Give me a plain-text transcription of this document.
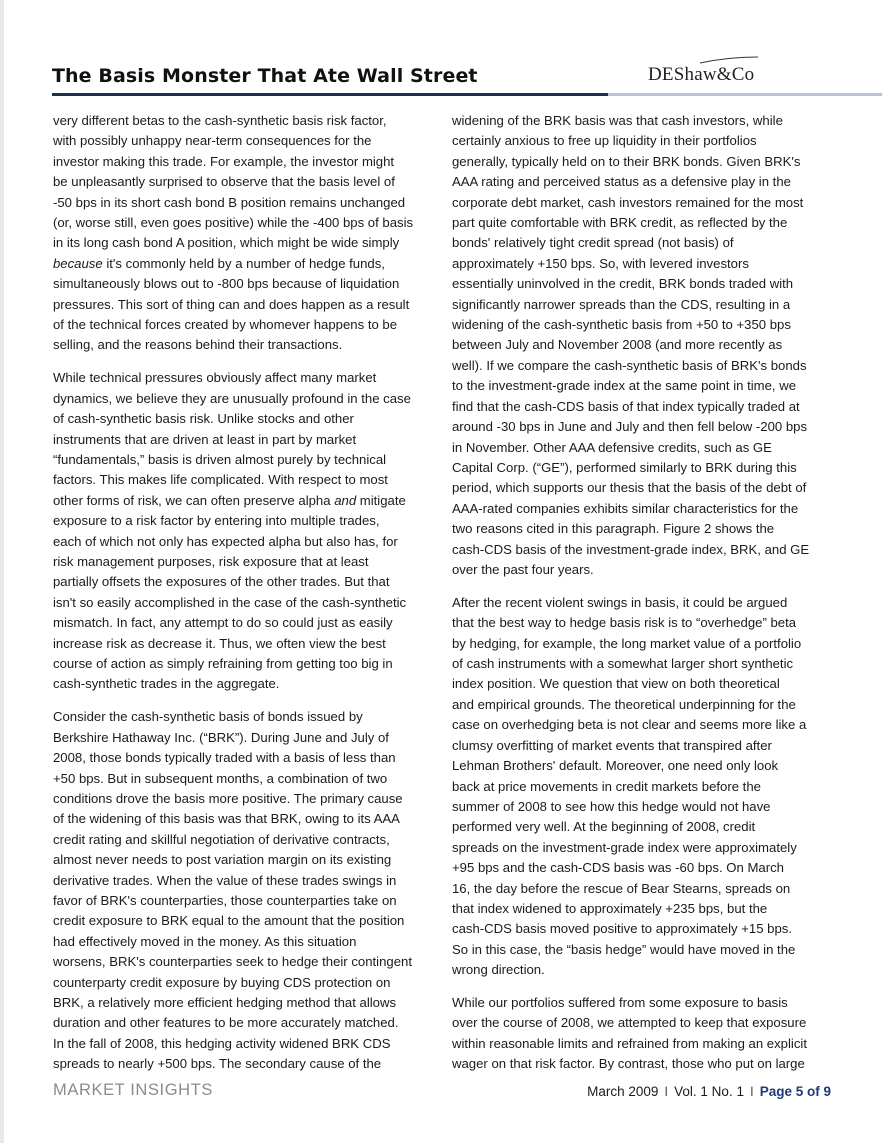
The Basis Monster That Ate Wall Street	DEShaw&Co
very different betas to the cash-synthetic basis risk factor,
with possibly unhappy near-term consequences for the
investor making this trade. For example, the investor might
be unpleasantly surprised to observe that the basis level of
-50 bps in its short cash bond B position remains unchanged
(or, worse still, even goes positive) while the -400 bps of basis
in its long cash bond A position, which might be wide simply
because it's commonly held by a number of hedge funds,
simultaneously blows out to -800 bps because of liquidation
pressures. This sort of thing can and does happen as a result
of the technical forces created by whomever happens to be
selling, and the reasons behind their transactions.
While technical pressures obviously affect many market
dynamics, we believe they are unusually profound in the case
of cash-synthetic basis risk. Unlike stocks and other
instruments that are driven at least in part by market
“fundamentals,” basis is driven almost purely by technical
factors. This makes life complicated. With respect to most
other forms of risk, we can often preserve alpha and mitigate
exposure to a risk factor by entering into multiple trades,
each of which not only has expected alpha but also has, for
risk management purposes, risk exposure that at least
partially offsets the exposures of the other trades. But that
isn't so easily accomplished in the case of the cash-synthetic
mismatch. In fact, any attempt to do so could just as easily
increase risk as decrease it. Thus, we often view the best
course of action as simply refraining from getting too big in
cash-synthetic trades in the aggregate.
Consider the cash-synthetic basis of bonds issued by
Berkshire Hathaway Inc. (“BRK”). During June and July of
2008, those bonds typically traded with a basis of less than
+50 bps. But in subsequent months, a combination of two
conditions drove the basis more positive. The primary cause
of the widening of this basis was that BRK, owing to its AAA
credit rating and skillful negotiation of derivative contracts,
almost never needs to post variation margin on its existing
derivative trades. When the value of these trades swings in
favor of BRK's counterparties, those counterparties take on
credit exposure to BRK equal to the amount that the position
had effectively moved in the money. As this situation
worsens, BRK's counterparties seek to hedge their contingent
counterparty credit exposure by buying CDS protection on
BRK, a relatively more efficient hedging method that allows
duration and other features to be more accurately matched.
In the fall of 2008, this hedging activity widened BRK CDS
spreads to nearly +500 bps. The secondary cause of the
widening of the BRK basis was that cash investors, while
certainly anxious to free up liquidity in their portfolios
generally, typically held on to their BRK bonds. Given BRK's
AAA rating and perceived status as a defensive play in the
corporate debt market, cash investors remained for the most
part quite comfortable with BRK credit, as reflected by the
bonds' relatively tight credit spread (not basis) of
approximately +150 bps. So, with levered investors
essentially uninvolved in the credit, BRK bonds traded with
significantly narrower spreads than the CDS, resulting in a
widening of the cash-synthetic basis from +50 to +350 bps
between July and November 2008 (and more recently as
well). If we compare the cash-synthetic basis of BRK's bonds
to the investment-grade index at the same point in time, we
find that the cash-CDS basis of that index typically traded at
around -30 bps in June and July and then fell below -200 bps
in November. Other AAA defensive credits, such as GE
Capital Corp. (“GE”), performed similarly to BRK during this
period, which supports our thesis that the basis of the debt of
AAA-rated companies exhibits similar characteristics for the
two reasons cited in this paragraph. Figure 2 shows the
cash-CDS basis of the investment-grade index, BRK, and GE
over the past four years.
After the recent violent swings in basis, it could be argued
that the best way to hedge basis risk is to “overhedge” beta
by hedging, for example, the long market value of a portfolio
of cash instruments with a somewhat larger short synthetic
index position. We question that view on both theoretical
and empirical grounds. The theoretical underpinning for the
case on overhedging beta is not clear and seems more like a
clumsy overfitting of market events that transpired after
Lehman Brothers' default. Moreover, one need only look
back at price movements in credit markets before the
summer of 2008 to see how this hedge would not have
performed very well. At the beginning of 2008, credit
spreads on the investment-grade index were approximately
+95 bps and the cash-CDS basis was -60 bps. On March
16, the day before the rescue of Bear Stearns, spreads on
that index widened to approximately +235 bps, but the
cash-CDS basis moved positive to approximately +15 bps.
So in this case, the “basis hedge” would have moved in the
wrong direction.
While our portfolios suffered from some exposure to basis
over the course of 2008, we attempted to keep that exposure
within reasonable limits and refrained from making an explicit
wager on that risk factor. By contrast, those who put on large
MARKET INSIGHTS	March 2009 I Vol. 1 No. 1 I Page 5 of 9
